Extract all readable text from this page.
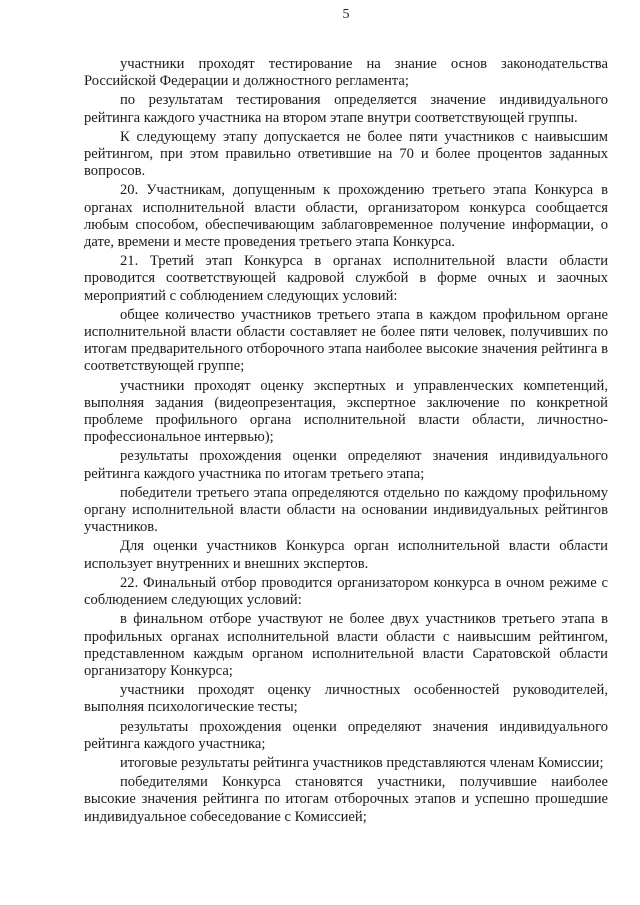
5

участники проходят тестирование на знание основ законодательства Российской Федерации и должностного регламента;

по результатам тестирования определяется значение индивидуального рейтинга каждого участника на втором этапе внутри соответствующей группы.

К следующему этапу допускается не более пяти участников с наивысшим рейтингом, при этом правильно ответившие на 70 и более процентов заданных вопросов.

20. Участникам, допущенным к прохождению третьего этапа Конкурса в органах исполнительной власти области, организатором конкурса сообщается любым способом, обеспечивающим заблаговременное получение информации, о дате, времени и месте проведения третьего этапа Конкурса.

21. Третий этап Конкурса в органах исполнительной власти области проводится соответствующей кадровой службой в форме очных и заочных мероприятий с соблюдением следующих условий:

общее количество участников третьего этапа в каждом профильном органе исполнительной власти области составляет не более пяти человек, получивших по итогам предварительного отборочного этапа наиболее высокие значения рейтинга в соответствующей группе;

участники проходят оценку экспертных и управленческих компетенций, выполняя задания (видеопрезентация, экспертное заключение по конкретной проблеме профильного органа исполнительной власти области, личностно-профессиональное интервью);

результаты прохождения оценки определяют значения индивидуального рейтинга каждого участника по итогам третьего этапа;

победители третьего этапа определяются отдельно по каждому профильному органу исполнительной власти области на основании индивидуальных рейтингов участников.

Для оценки участников Конкурса орган исполнительной власти области использует внутренних и внешних экспертов.

22. Финальный отбор проводится организатором конкурса в очном режиме с соблюдением следующих условий:

в финальном отборе участвуют не более двух участников третьего этапа в профильных органах исполнительной власти области с наивысшим рейтингом, представленном каждым органом исполнительной власти Саратовской области организатору Конкурса;

участники проходят оценку личностных особенностей руководителей, выполняя психологические тесты;

результаты прохождения оценки определяют значения индивидуального рейтинга каждого участника;

итоговые результаты рейтинга участников представляются членам Комиссии;

победителями Конкурса становятся участники, получившие наиболее высокие значения рейтинга по итогам отборочных этапов и успешно прошедшие индивидуальное собеседование с Комиссией;
